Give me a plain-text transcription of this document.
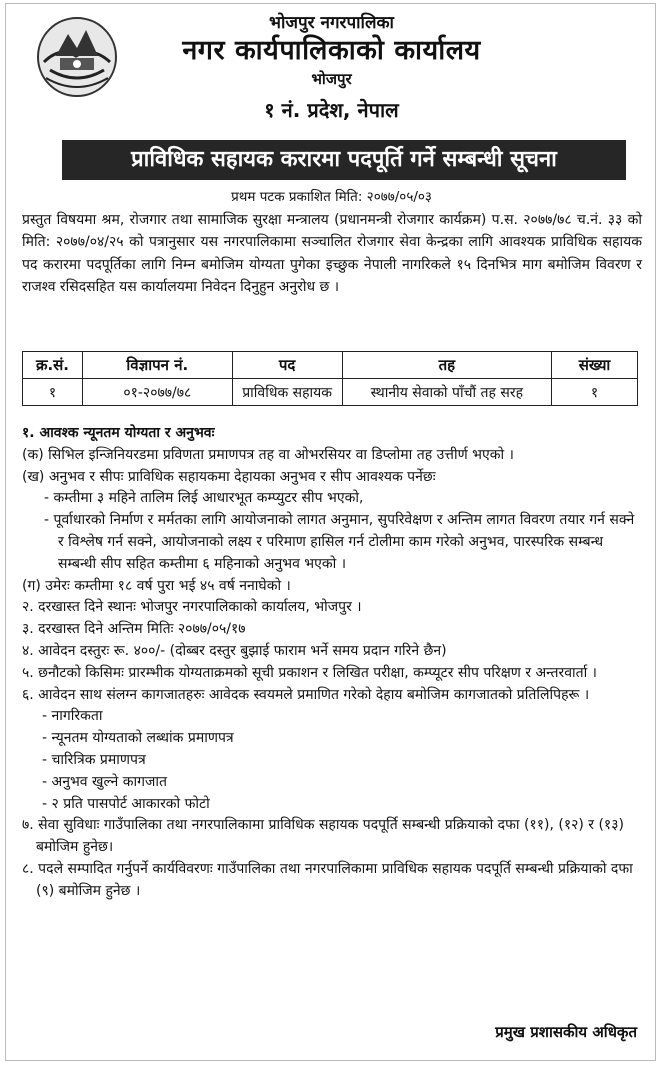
भोजपुर नगरपालिका
नगर कार्यपालिकाको कार्यालय
भोजपुर
१ नं. प्रदेश, नेपाल
प्राविधिक सहायक करारमा पदपूर्ति गर्ने सम्बन्धी सूचना
प्रथम पटक प्रकाशित मिति: २०७७/०५/०३
प्रस्तुत विषयमा श्रम, रोजगार तथा सामाजिक सुरक्षा मन्त्रालय (प्रधानमन्त्री रोजगार कार्यक्रम) प.स. २०७७/७८ च.नं. ३३ को मिति: २०७७/०४/२५ को पत्रानुसार यस नगरपालिकामा सञ्चालित रोजगार सेवा केन्द्रका लागि आवश्यक प्राविधिक सहायक पद करारमा पदपूर्तिका लागि निम्न बमोजिम योग्यता पुगेका इच्छुक नेपाली नागरिकले १५ दिनभित्र माग बमोजिम विवरण र राजश्व रसिदसहित यस कार्यालयमा निवेदन दिनुहुन अनुरोध छ ।
क्र.सं.	विज्ञापन नं.	पद	तह	संख्या
१	०१-२०७७/७८	प्राविधिक सहायक	स्थानीय सेवाको पाँचौं तह सरह	१

१. आवश्क न्यूनतम योग्यता र अनुभवः

(क) सिभिल इन्जिनियरडमा प्रविणता प्रमाणपत्र तह वा ओभरसियर वा डिप्लोमा तह उत्तीर्ण भएको ।

(ख) अनुभव र सीपः प्राविधिक सहायकमा देहायका अनुभव र सीप आवश्यक पर्नेछः

- कम्तीमा ३ महिने तालिम लिई आधारभूत कम्प्युटर सीप भएको,

- पूर्वाधारको निर्माण र मर्मतका लागि आयोजनाको लागत अनुमान, सुपरिवेक्षण र अन्तिम लागत विवरण तयार गर्न सक्ने र विश्लेष गर्न सक्ने, आयोजनाको लक्ष्य र परिमाण हासिल गर्न टोलीमा काम गरेको अनुभव, पारस्परिक सम्बन्ध सम्बन्धी सीप सहित कम्तीमा ६ महिनाको अनुभव भएको ।

(ग) उमेरः कम्तीमा १८ वर्ष पुरा भई ४५ वर्ष ननाघेको ।

२. दरखास्त दिने स्थानः भोजपुर नगरपालिकाको कार्यालय, भोजपुर ।

३. दरखास्त दिने अन्तिम मितिः २०७७/०५/१७

४. आवेदन दस्तुरः रू. ४००/- (दोब्बर दस्तुर बुझाई फाराम भर्ने समय प्रदान गरिने छैन)

५. छनौटको किसिमः प्रारम्भीक योग्यताक्रमको सूची प्रकाशन र लिखित परीक्षा, कम्प्यूटर सीप परिक्षण र अन्तरवार्ता ।

६. आवेदन साथ संलग्न कागजातहरुः आवेदक स्वयमले प्रमाणित गरेको देहाय बमोजिम कागजातको प्रतिलिपिहरू ।

- नागरिकता

- न्यूनतम योग्यताको लब्धांक प्रमाणपत्र

- चारित्रिक प्रमाणपत्र

- अनुभव खुल्ने कागजात

- २ प्रति पासपोर्ट आकारको फोटो

७. सेवा सुविधाः गाउँपालिका तथा नगरपालिकामा प्राविधिक सहायक पदपूर्ति सम्बन्धी प्रक्रियाको दफा (११), (१२) र (१३) बमोजिम हुनेछ।

८. पदले सम्पादित गर्नुपर्ने कार्यविवरणः गाउँपालिका तथा नगरपालिकामा प्राविधिक सहायक पदपूर्ति सम्बन्धी प्रक्रियाको दफा (९) बमोजिम हुनेछ ।

प्रमुख प्रशासकीय अधिकृत
